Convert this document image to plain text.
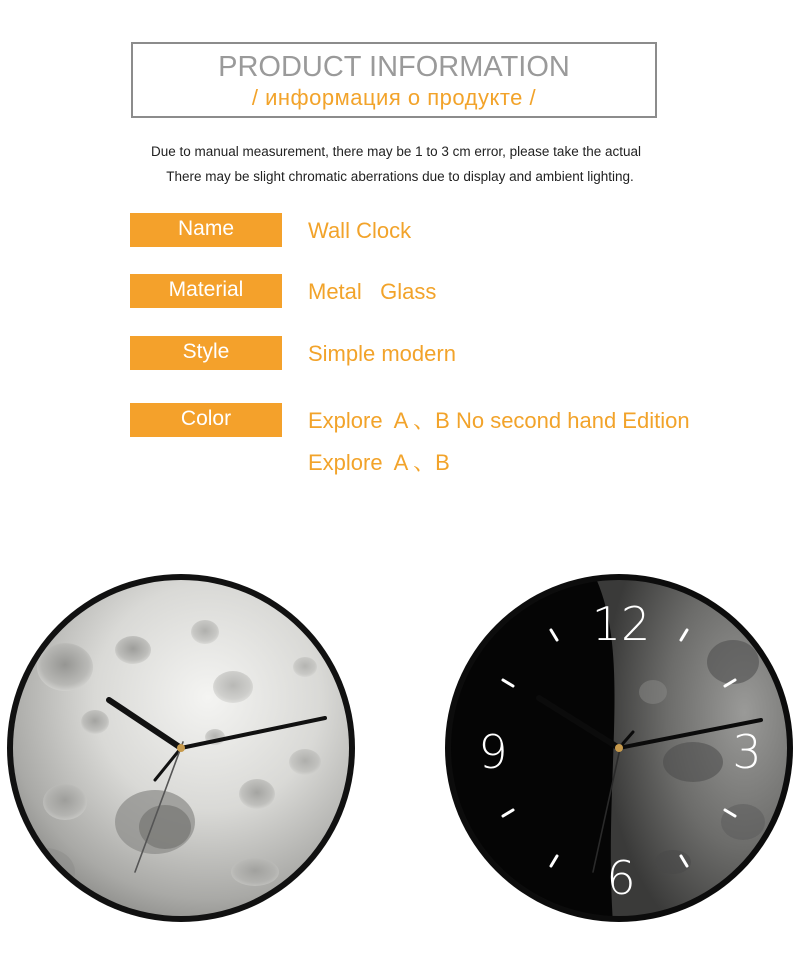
PRODUCT INFORMATION
/ информация о продукте /
Due to manual measurement, there may be 1 to 3 cm error, please take the actual
There may be slight chromatic aberrations due to display and ambient lighting.
Name	Wall Clock
Material	Metal   Glass
Style	Simple modern
Color	Explore  A 、B No second hand Edition
Explore  A 、B
12
3
6
9
